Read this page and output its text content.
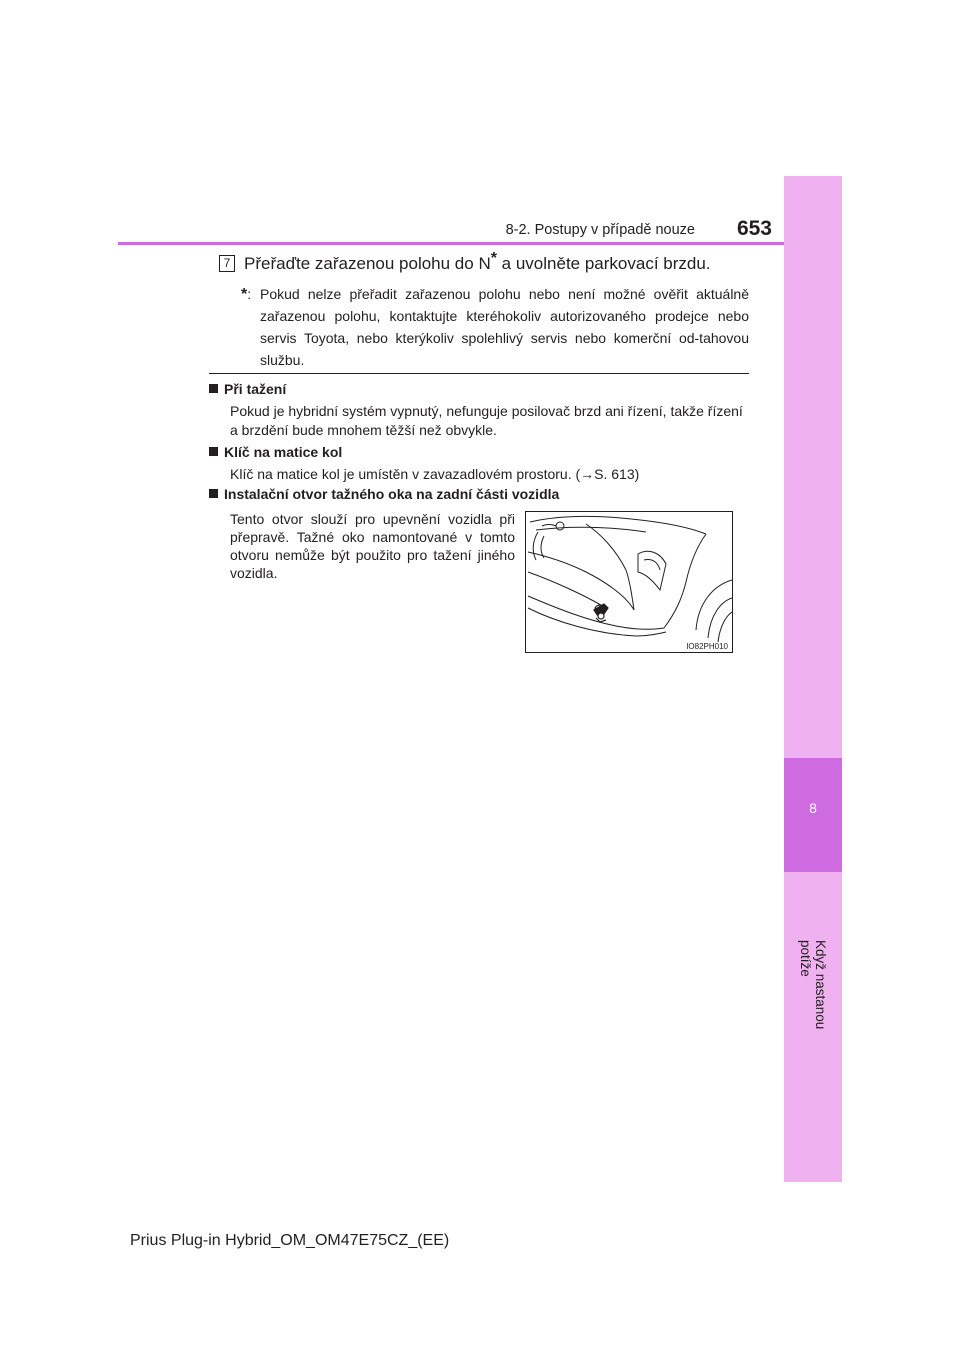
8
Když nastanou potíže
8-2. Postupy v případě nouze 653
7 Přeřaďte zařazenou polohu do N* a uvolněte parkovací brzdu.
*: Pokud nelze přeřadit zařazenou polohu nebo není možné ověřit aktuálně zařazenou polohu, kontaktujte kteréhokoliv autorizovaného prodejce nebo servis Toyota, nebo kterýkoliv spolehlivý servis nebo komerční od-tahovou službu.
Při tažení
Pokud je hybridní systém vypnutý, nefunguje posilovač brzd ani řízení, takže řízení a brzdění bude mnohem těžší než obvykle.
Klíč na matice kol
Klíč na matice kol je umístěn v zavazadlovém prostoru. (→S. 613)
Instalační otvor tažného oka na zadní části vozidla
Tento otvor slouží pro upevnění vozidla při přepravě. Tažné oko namontované v tomto otvoru nemůže být použito pro tažení jiného vozidla.
IO82PH010
Prius Plug-in Hybrid_OM_OM47E75CZ_(EE)
